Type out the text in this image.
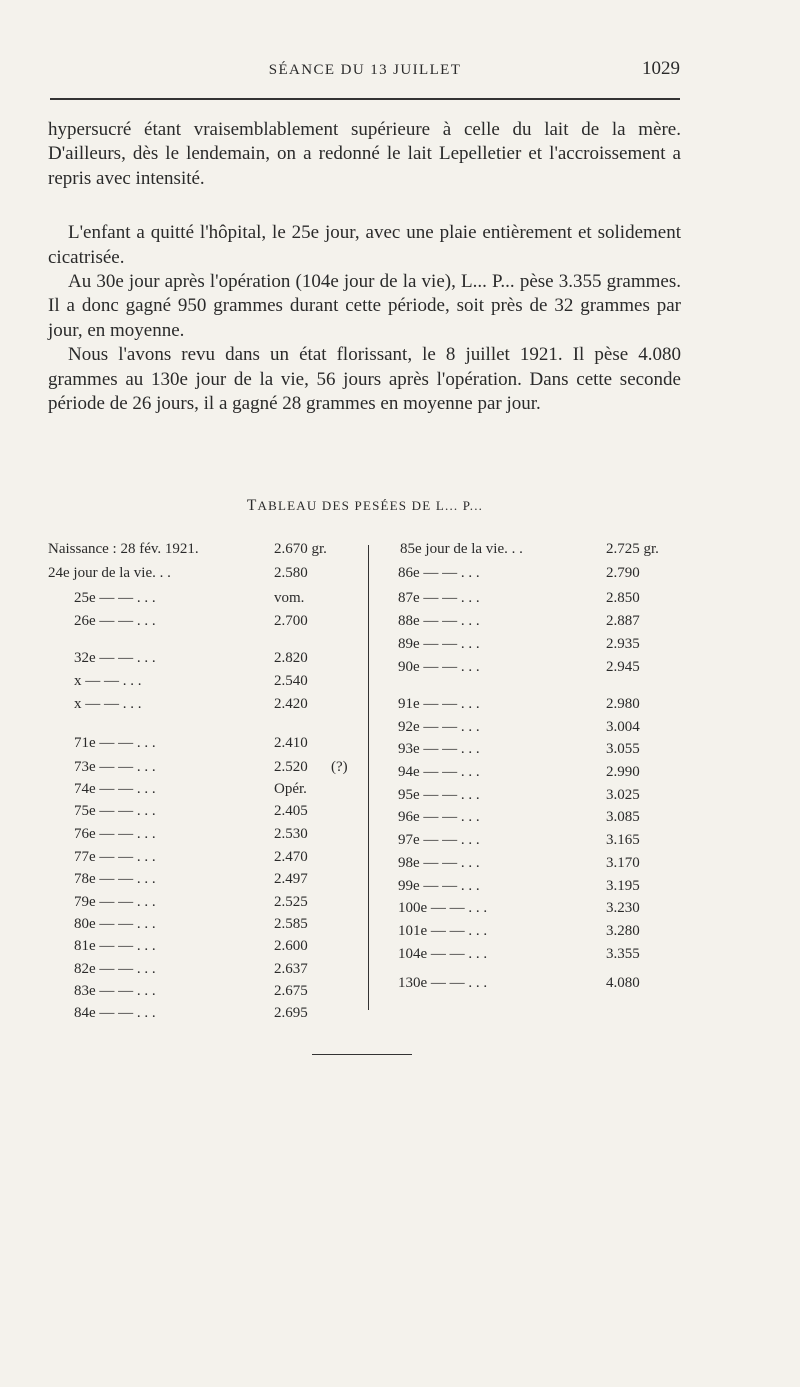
SÉANCE DU 13 JUILLET	1029

hypersucré étant vraisemblablement supérieure à celle du lait de la mère. D'ailleurs, dès le lendemain, on a redonné le lait Lepelletier et l'accroissement a repris avec intensité.

L'enfant a quitté l'hôpital, le 25e jour, avec une plaie entièrement et solidement cicatrisée.

Au 30e jour après l'opération (104e jour de la vie), L... P... pèse 3.355 grammes. Il a donc gagné 950 grammes durant cette période, soit près de 32 grammes par jour, en moyenne.

Nous l'avons revu dans un état florissant, le 8 juillet 1921. Il pèse 4.080 grammes au 130e jour de la vie, 56 jours après l'opération. Dans cette seconde période de 26 jours, il a gagné 28 grammes en moyenne par jour.

TABLEAU DES PESÉES DE L... P...
Naissance : 28 fév. 1921.	2.670 gr.
24e jour de la vie. . .	2.580
25e — — . . .	vom.
26e — — . . .	2.700
32e — — . . .	2.820
x — — . . .	2.540
x — — . . .	2.420
71e — — . . .	2.410
73e — — . . .	2.520 (?)
74e — — . . .	Opér.
75e — — . . .	2.405
76e — — . . .	2.530
77e — — . . .	2.470
78e — — . . .	2.497
79e — — . . .	2.525
80e — — . . .	2.585
81e — — . . .	2.600
82e — — . . .	2.637
83e — — . . .	2.675
84e — — . . .	2.695
85e jour de la vie. . .	2.725 gr.
86e — — . . .	2.790
87e — — . . .	2.850
88e — — . . .	2.887
89e — — . . .	2.935
90e — — . . .	2.945
91e — — . . .	2.980
92e — — . . .	3.004
93e — — . . .	3.055
94e — — . . .	2.990
95e — — . . .	3.025
96e — — . . .	3.085
97e — — . . .	3.165
98e — — . . .	3.170
99e — — . . .	3.195
100e — — . . .	3.230
101e — — . . .	3.280
104e — — . . .	3.355
130e — — . . .	4.080
